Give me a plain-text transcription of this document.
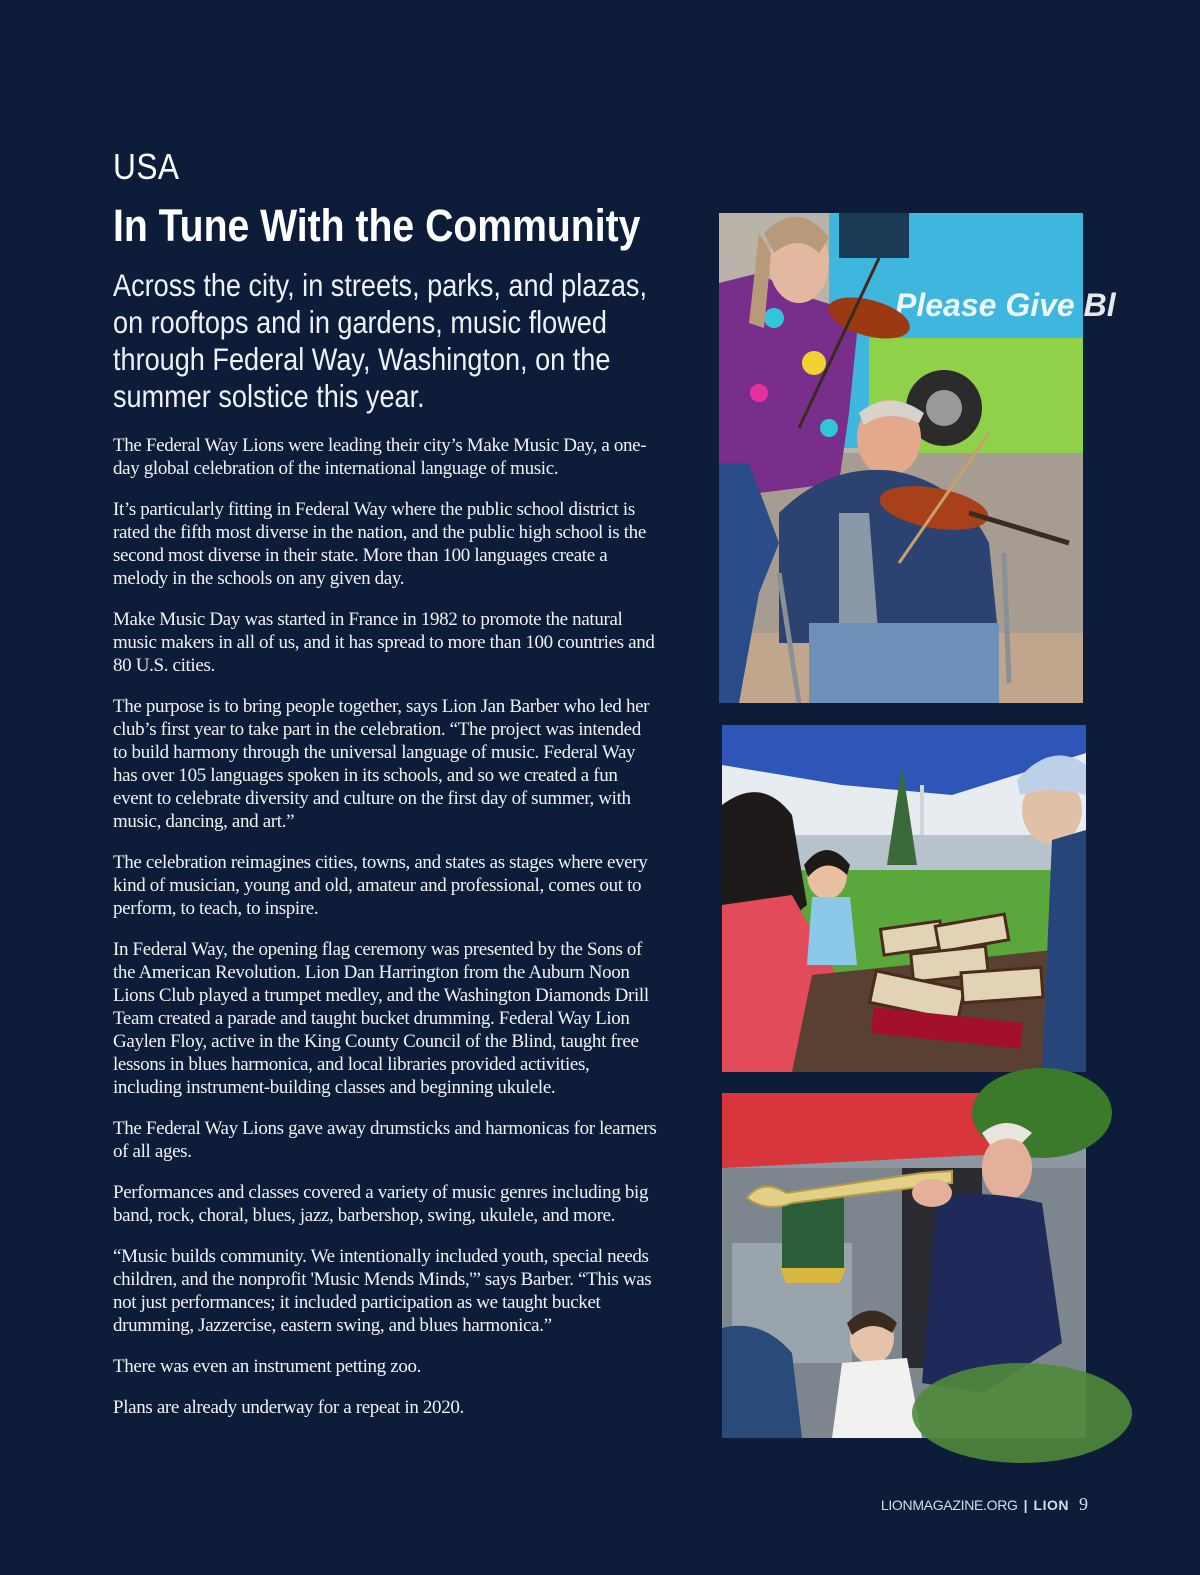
USA
In Tune With the Community
Across the city, in streets, parks, and plazas,
on rooftops and in gardens, music flowed
through Federal Way, Washington, on the
summer solstice this year.

The Federal Way Lions were leading their city’s Make Music Day, a one-day global celebration of the international language of music.

It’s particularly fitting in Federal Way where the public school district is rated the fifth most diverse in the nation, and the public high school is the second most diverse in their state. More than 100 languages create a melody in the schools on any given day.

Make Music Day was started in France in 1982 to promote the natural music makers in all of us, and it has spread to more than 100 countries and 80 U.S. cities.

The purpose is to bring people together, says Lion Jan Barber who led her club’s first year to take part in the celebration. “The project was intended to build harmony through the universal language of music. Federal Way has over 105 languages spoken in its schools, and so we created a fun event to celebrate diversity and culture on the first day of summer, with music, dancing, and art.”

The celebration reimagines cities, towns, and states as stages where every kind of musician, young and old, amateur and professional, comes out to perform, to teach, to inspire.

In Federal Way, the opening flag ceremony was presented by the Sons of the American Revolution. Lion Dan Harrington from the Auburn Noon Lions Club played a trumpet medley, and the Washington Diamonds Drill Team created a parade and taught bucket drumming. Federal Way Lion Gaylen Floy, active in the King County Council of the Blind, taught free lessons in blues harmonica, and local libraries provided activities, including instrument-building classes and beginning ukulele.

The Federal Way Lions gave away drumsticks and harmonicas for learners of all ages.

Performances and classes covered a variety of music genres including big band, rock, choral, blues, jazz, barbershop, swing, ukulele, and more.

“Music builds community. We intentionally included youth, special needs children, and the nonprofit 'Music Mends Minds,'” says Barber. “This was not just performances; it included participation as we taught bucket drumming, Jazzercise, eastern swing, and blues harmonica.”

There was even an instrument petting zoo.

Plans are already underway for a repeat in 2020.

Please Give Bl
LIONMAGAZINE.ORG | LION 9
